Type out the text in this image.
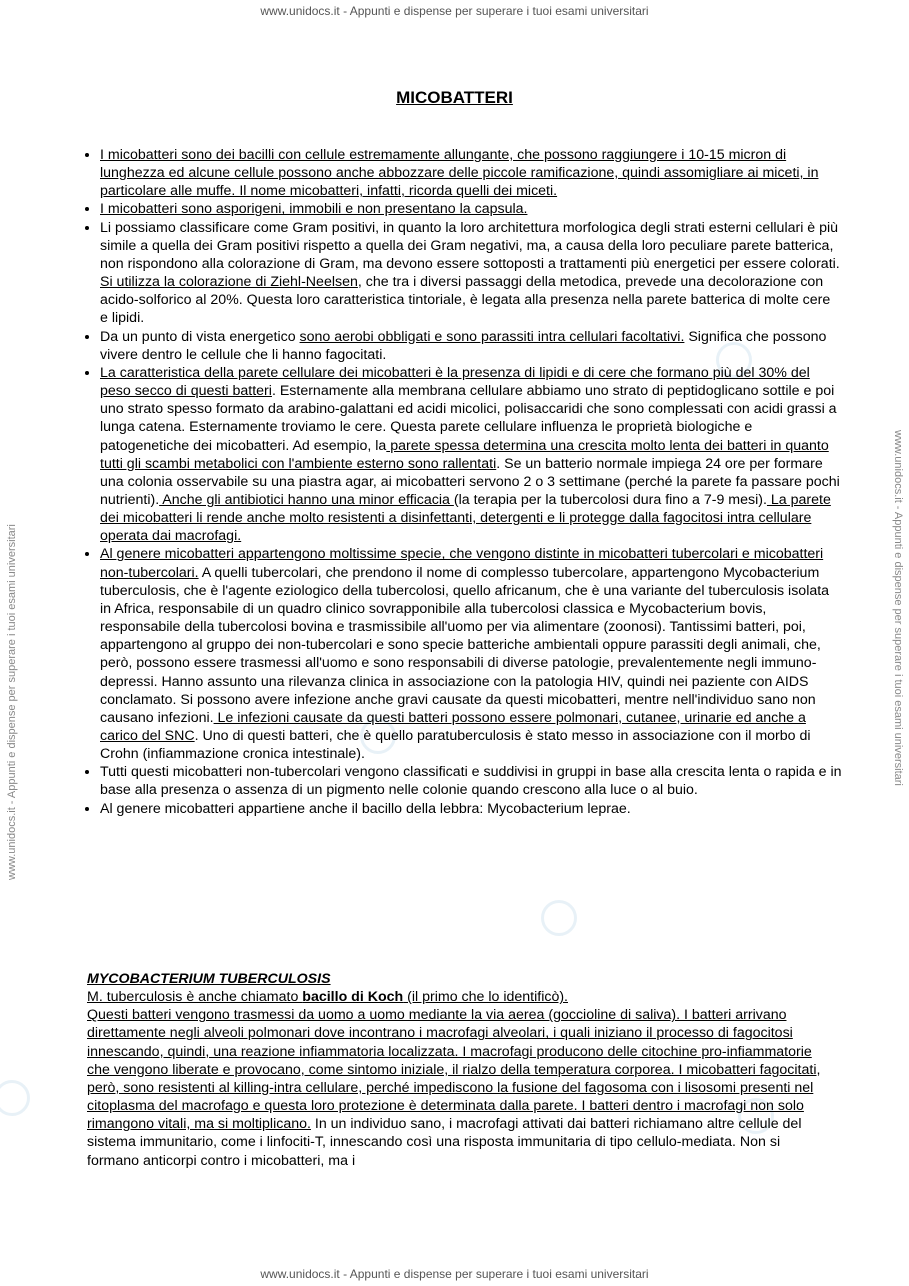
www.unidocs.it - Appunti e dispense per superare i tuoi esami universitari
www.unidocs.it - Appunti e dispense per superare i tuoi esami universitari	www.unidocs.it - Appunti e dispense per superare i tuoi esami universitari
MICOBATTERI
• I micobatteri sono dei bacilli con cellule estremamente allungante, che possono raggiungere i 10-15 micron di lunghezza ed alcune cellule possono anche abbozzare delle piccole ramificazione, quindi assomigliare ai miceti, in particolare alle muffe. Il nome micobatteri, infatti, ricorda quelli dei miceti.
• I micobatteri sono asporigeni, immobili e non presentano la capsula.
• Li possiamo classificare come Gram positivi, in quanto la loro architettura morfologica degli strati esterni cellulari è più simile a quella dei Gram positivi rispetto a quella dei Gram negativi, ma, a causa della loro peculiare parete batterica, non rispondono alla colorazione di Gram, ma devono essere sottoposti a trattamenti più energetici per essere colorati. Si utilizza la colorazione di Ziehl-Neelsen, che tra i diversi passaggi della metodica, prevede una decolorazione con acido-solforico al 20%. Questa loro caratteristica tintoriale, è legata alla presenza nella parete batterica di molte cere e lipidi.
• Da un punto di vista energetico sono aerobi obbligati e sono parassiti intra cellulari facoltativi. Significa che possono vivere dentro le cellule che li hanno fagocitati.
• La caratteristica della parete cellulare dei micobatteri è la presenza di lipidi e di cere che formano più del 30% del peso secco di questi batteri. Esternamente alla membrana cellulare abbiamo uno strato di peptidoglicano sottile e poi uno strato spesso formato da arabino-galattani ed acidi micolici, polisaccaridi che sono complessati con acidi grassi a lunga catena. Esternamente troviamo le cere. Questa parete cellulare influenza le proprietà biologiche e patogenetiche dei micobatteri. Ad esempio, la parete spessa determina una crescita molto lenta dei batteri in quanto tutti gli scambi metabolici con l'ambiente esterno sono rallentati. Se un batterio normale impiega 24 ore per formare una colonia osservabile su una piastra agar, ai micobatteri servono 2 o 3 settimane (perché la parete fa passare pochi nutrienti). Anche gli antibiotici hanno una minor efficacia (la terapia per la tubercolosi dura fino a 7-9 mesi). La parete dei micobatteri li rende anche molto resistenti a disinfettanti, detergenti e li protegge dalla fagocitosi intra cellulare operata dai macrofagi.
• Al genere micobatteri appartengono moltissime specie, che vengono distinte in micobatteri tubercolari e micobatteri non-tubercolari. A quelli tubercolari, che prendono il nome di complesso tubercolare, appartengono Mycobacterium tuberculosis, che è l'agente eziologico della tubercolosi, quello africanum, che è una variante del tuberculosis isolata in Africa, responsabile di un quadro clinico sovrapponibile alla tubercolosi classica e Mycobacterium bovis, responsabile della tubercolosi bovina e trasmissibile all'uomo per via alimentare (zoonosi). Tantissimi batteri, poi, appartengono al gruppo dei non-tubercolari e sono specie batteriche ambientali oppure parassiti degli animali, che, però, possono essere trasmessi all'uomo e sono responsabili di diverse patologie, prevalentemente negli immuno-depressi. Hanno assunto una rilevanza clinica in associazione con la patologia HIV, quindi nei paziente con AIDS conclamato. Si possono avere infezione anche gravi causate da questi micobatteri, mentre nell'individuo sano non causano infezioni. Le infezioni causate da questi batteri possono essere polmonari, cutanee, urinarie ed anche a carico del SNC. Uno di questi batteri, che è quello paratuberculosis è stato messo in associazione con il morbo di Crohn (infiammazione cronica intestinale).
• Tutti questi micobatteri non-tubercolari vengono classificati e suddivisi in gruppi in base alla crescita lenta o rapida e in base alla presenza o assenza di un pigmento nelle colonie quando crescono alla luce o al buio.
• Al genere micobatteri appartiene anche il bacillo della lebbra: Mycobacterium leprae.
MYCOBACTERIUM TUBERCULOSIS
M. tuberculosis è anche chiamato bacillo di Koch (il primo che lo identificò).
Questi batteri vengono trasmessi da uomo a uomo mediante la via aerea (goccioline di saliva). I batteri arrivano direttamente negli alveoli polmonari dove incontrano i macrofagi alveolari, i quali iniziano il processo di fagocitosi innescando, quindi, una reazione infiammatoria localizzata. I macrofagi producono delle citochine pro-infiammatorie che vengono liberate e provocano, come sintomo iniziale, il rialzo della temperatura corporea. I micobatteri fagocitati, però, sono resistenti al killing-intra cellulare, perché impediscono la fusione del fagosoma con i lisosomi presenti nel citoplasma del macrofago e questa loro protezione è determinata dalla parete. I batteri dentro i macrofagi non solo rimangono vitali, ma si moltiplicano. In un individuo sano, i macrofagi attivati dai batteri richiamano altre cellule del sistema immunitario, come i linfociti-T, innescando così una risposta immunitaria di tipo cellulo-mediata. Non si formano anticorpi contro i micobatteri, ma i
www.unidocs.it - Appunti e dispense per superare i tuoi esami universitari
